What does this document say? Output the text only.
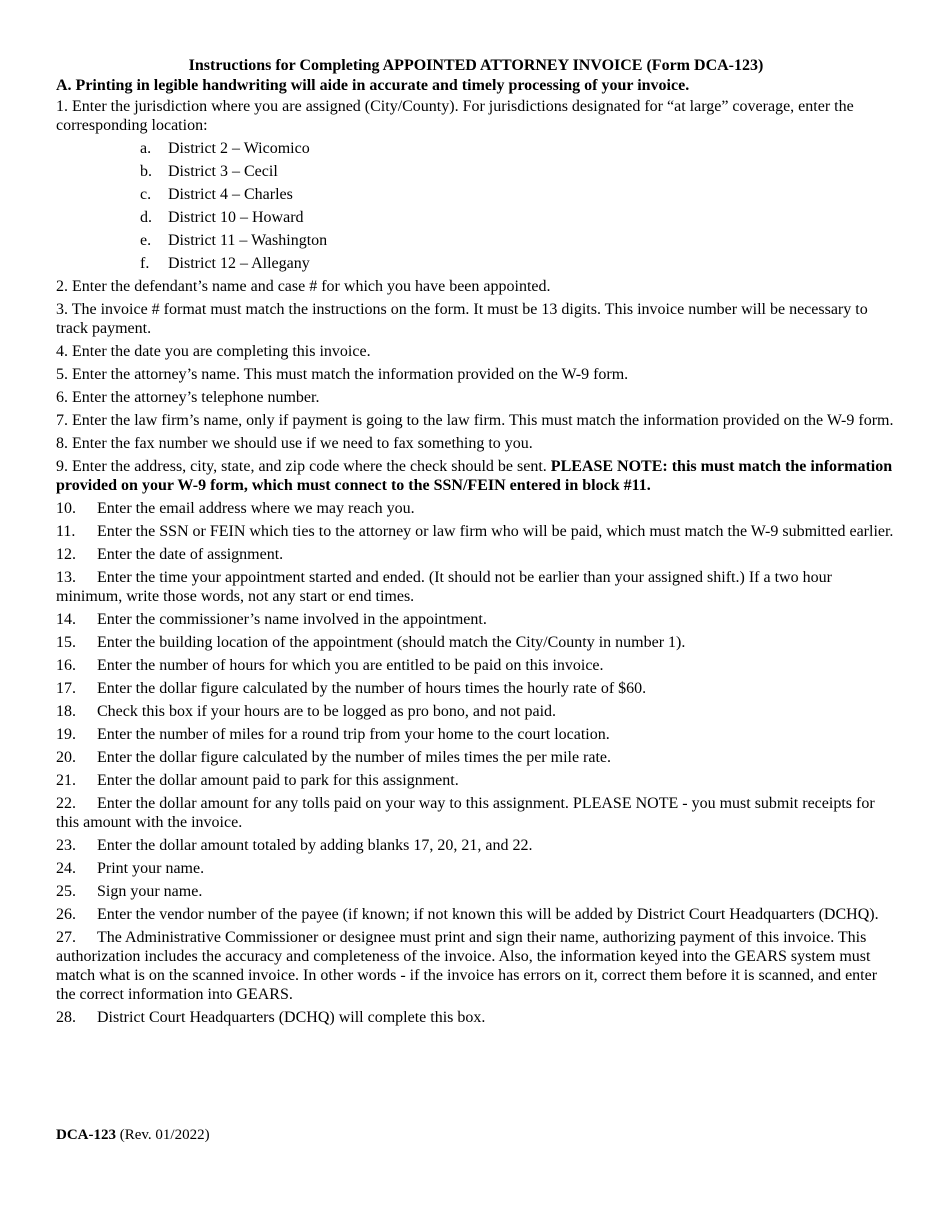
Instructions for Completing APPOINTED ATTORNEY INVOICE (Form DCA-123)
A. Printing in legible handwriting will aide in accurate and timely processing of your invoice.
1. Enter the jurisdiction where you are assigned (City/County). For jurisdictions designated for “at large” coverage, enter the corresponding location:
a. District 2 – Wicomico
b. District 3 – Cecil
c. District 4 – Charles
d. District 10 – Howard
e. District 11 – Washington
f. District 12 – Allegany
2. Enter the defendant’s name and case # for which you have been appointed.
3. The invoice # format must match the instructions on the form. It must be 13 digits. This invoice number will be necessary to track payment.
4. Enter the date you are completing this invoice.
5. Enter the attorney’s name. This must match the information provided on the W-9 form.
6. Enter the attorney’s telephone number.
7. Enter the law firm’s name, only if payment is going to the law firm. This must match the information provided on the W-9 form.
8. Enter the fax number we should use if we need to fax something to you.
9. Enter the address, city, state, and zip code where the check should be sent. PLEASE NOTE: this must match the information provided on your W-9 form, which must connect to the SSN/FEIN entered in block #11.
10. Enter the email address where we may reach you.
11. Enter the SSN or FEIN which ties to the attorney or law firm who will be paid, which must match the W-9 submitted earlier.
12. Enter the date of assignment.
13. Enter the time your appointment started and ended. (It should not be earlier than your assigned shift.) If a two hour minimum, write those words, not any start or end times.
14. Enter the commissioner’s name involved in the appointment.
15. Enter the building location of the appointment (should match the City/County in number 1).
16. Enter the number of hours for which you are entitled to be paid on this invoice.
17. Enter the dollar figure calculated by the number of hours times the hourly rate of $60.
18. Check this box if your hours are to be logged as pro bono, and not paid.
19. Enter the number of miles for a round trip from your home to the court location.
20. Enter the dollar figure calculated by the number of miles times the per mile rate.
21. Enter the dollar amount paid to park for this assignment.
22. Enter the dollar amount for any tolls paid on your way to this assignment. PLEASE NOTE - you must submit receipts for this amount with the invoice.
23. Enter the dollar amount totaled by adding blanks 17, 20, 21, and 22.
24. Print your name.
25. Sign your name.
26. Enter the vendor number of the payee (if known; if not known this will be added by District Court Headquarters (DCHQ).
27. The Administrative Commissioner or designee must print and sign their name, authorizing payment of this invoice. This authorization includes the accuracy and completeness of the invoice. Also, the information keyed into the GEARS system must match what is on the scanned invoice. In other words - if the invoice has errors on it, correct them before it is scanned, and enter the correct information into GEARS.
28. District Court Headquarters (DCHQ) will complete this box.
DCA-123 (Rev. 01/2022)
